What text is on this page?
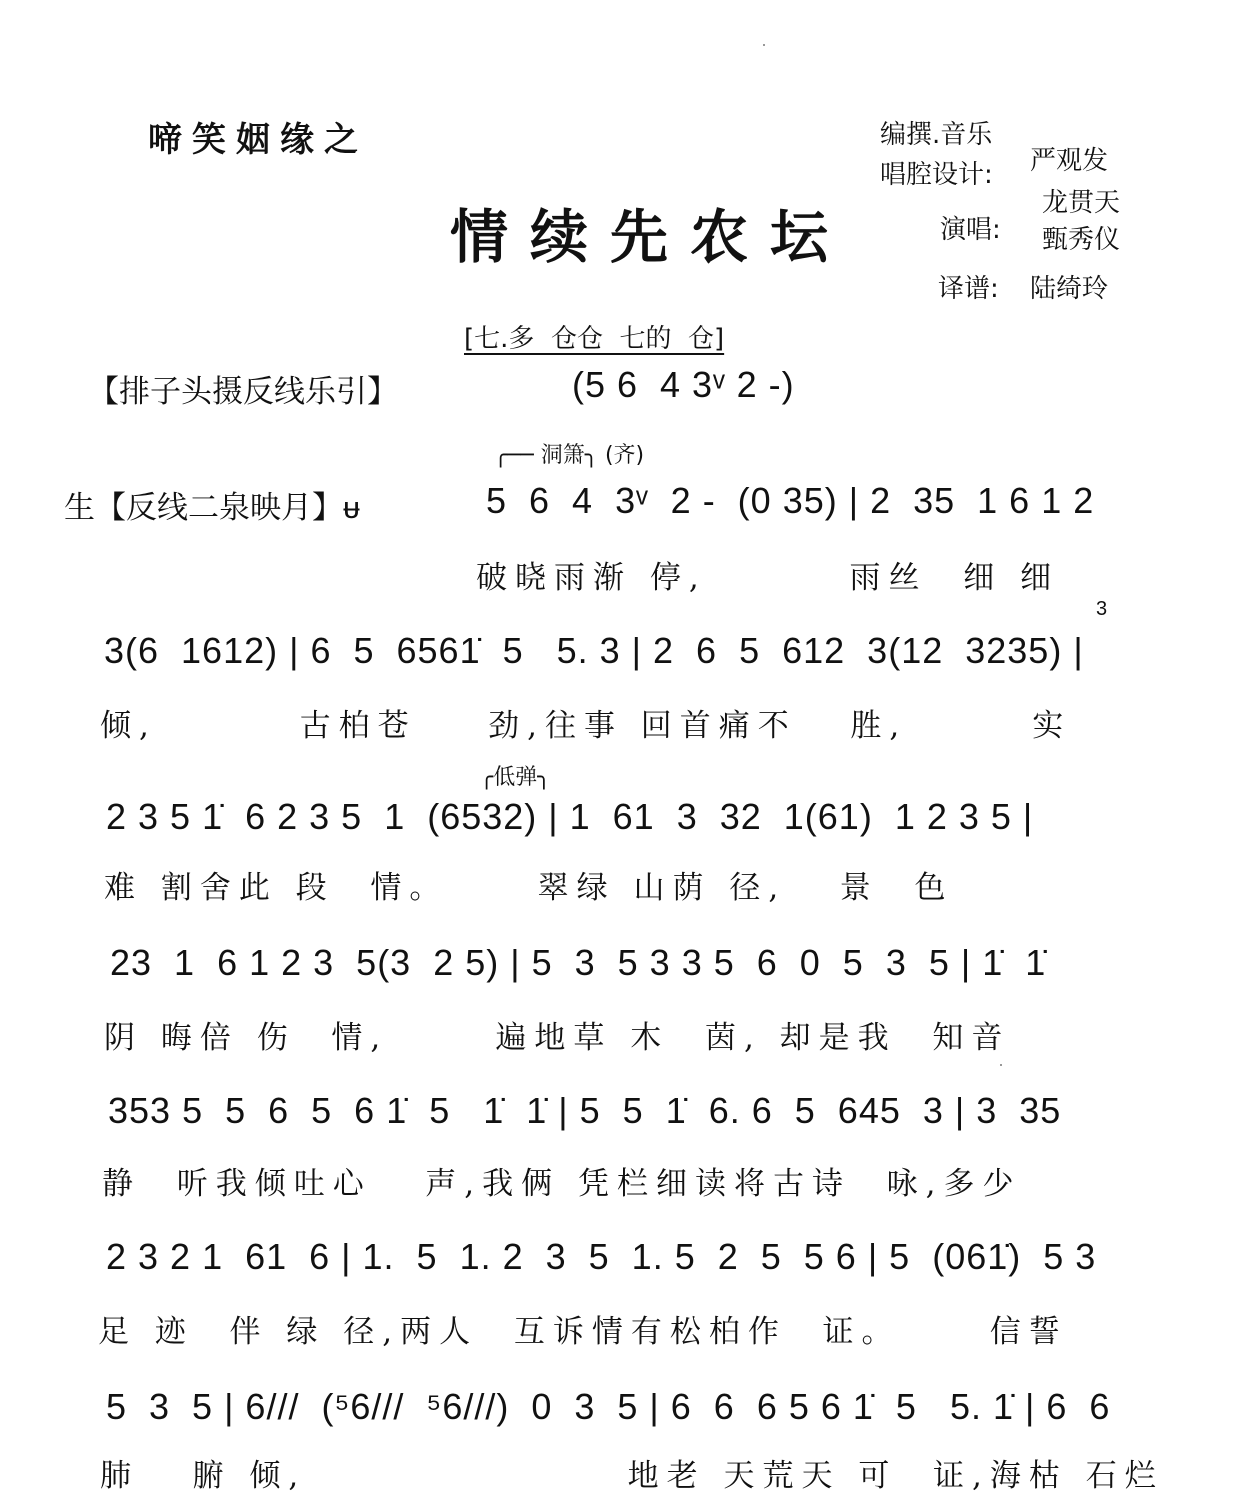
啼笑姻缘之
情续先农坛
编撰.音乐
唱腔设计: 严观发
龙贯天
演唱: 甄秀仪
译谱: 陆绮玲
[七.多  仓仓  七的  仓]
【排子头摄反线乐引】	(5 6  4 3ᵛ 2 -)
╭── 洞箫╮ (齐)
生【反线二泉映月】ᵾ	5  6  4  3ᵛ  2 -  (0 35) | 2  35  1 6 1 2
破晓雨渐 停,        雨丝  细 细
3
3(6  1612) | 6  5  6561̇  5   5. 3 | 2  6  5  612  3(12  3235) |
倾,        古柏苍    劲,往事 回首痛不   胜,       实
╭低弹╮
2 3 5 1̇  6 2 3 5  1  (6532) | 1  61  3  32  1(61)  1 2 3 5 |
难 割舍此 段  情。     翠绿 山荫 径,   景  色
23  1  6 1 2 3  5(3  2 5) | 5  3  5 3 3 5  6  0  5  3  5 | 1̇  1̇
阴 晦倍 伤  情,      遍地草 木  茵, 却是我  知音
353 5  5  6  5  6 1̇  5   1̇  1̇ | 5  5  1̇  6. 6  5  645  3 | 3  35
静  听我倾吐心   声,我俩 凭栏细读将古诗  咏,多少
2 3 2 1  61  6 | 1.  5  1. 2  3  5  1. 5  2  5  5 6 | 5  (061̇)  5 3
足 迹  伴 绿 径,两人  互诉情有松柏作  证。     信誓
5  3  5 | 6///  (⁵6///  ⁵6///)  0  3  5 | 6  6  6 5 6 1̇  5   5. 1̇ | 6  6
肺   腑 倾,                  地老 天荒天 可  证,海枯 石烂
